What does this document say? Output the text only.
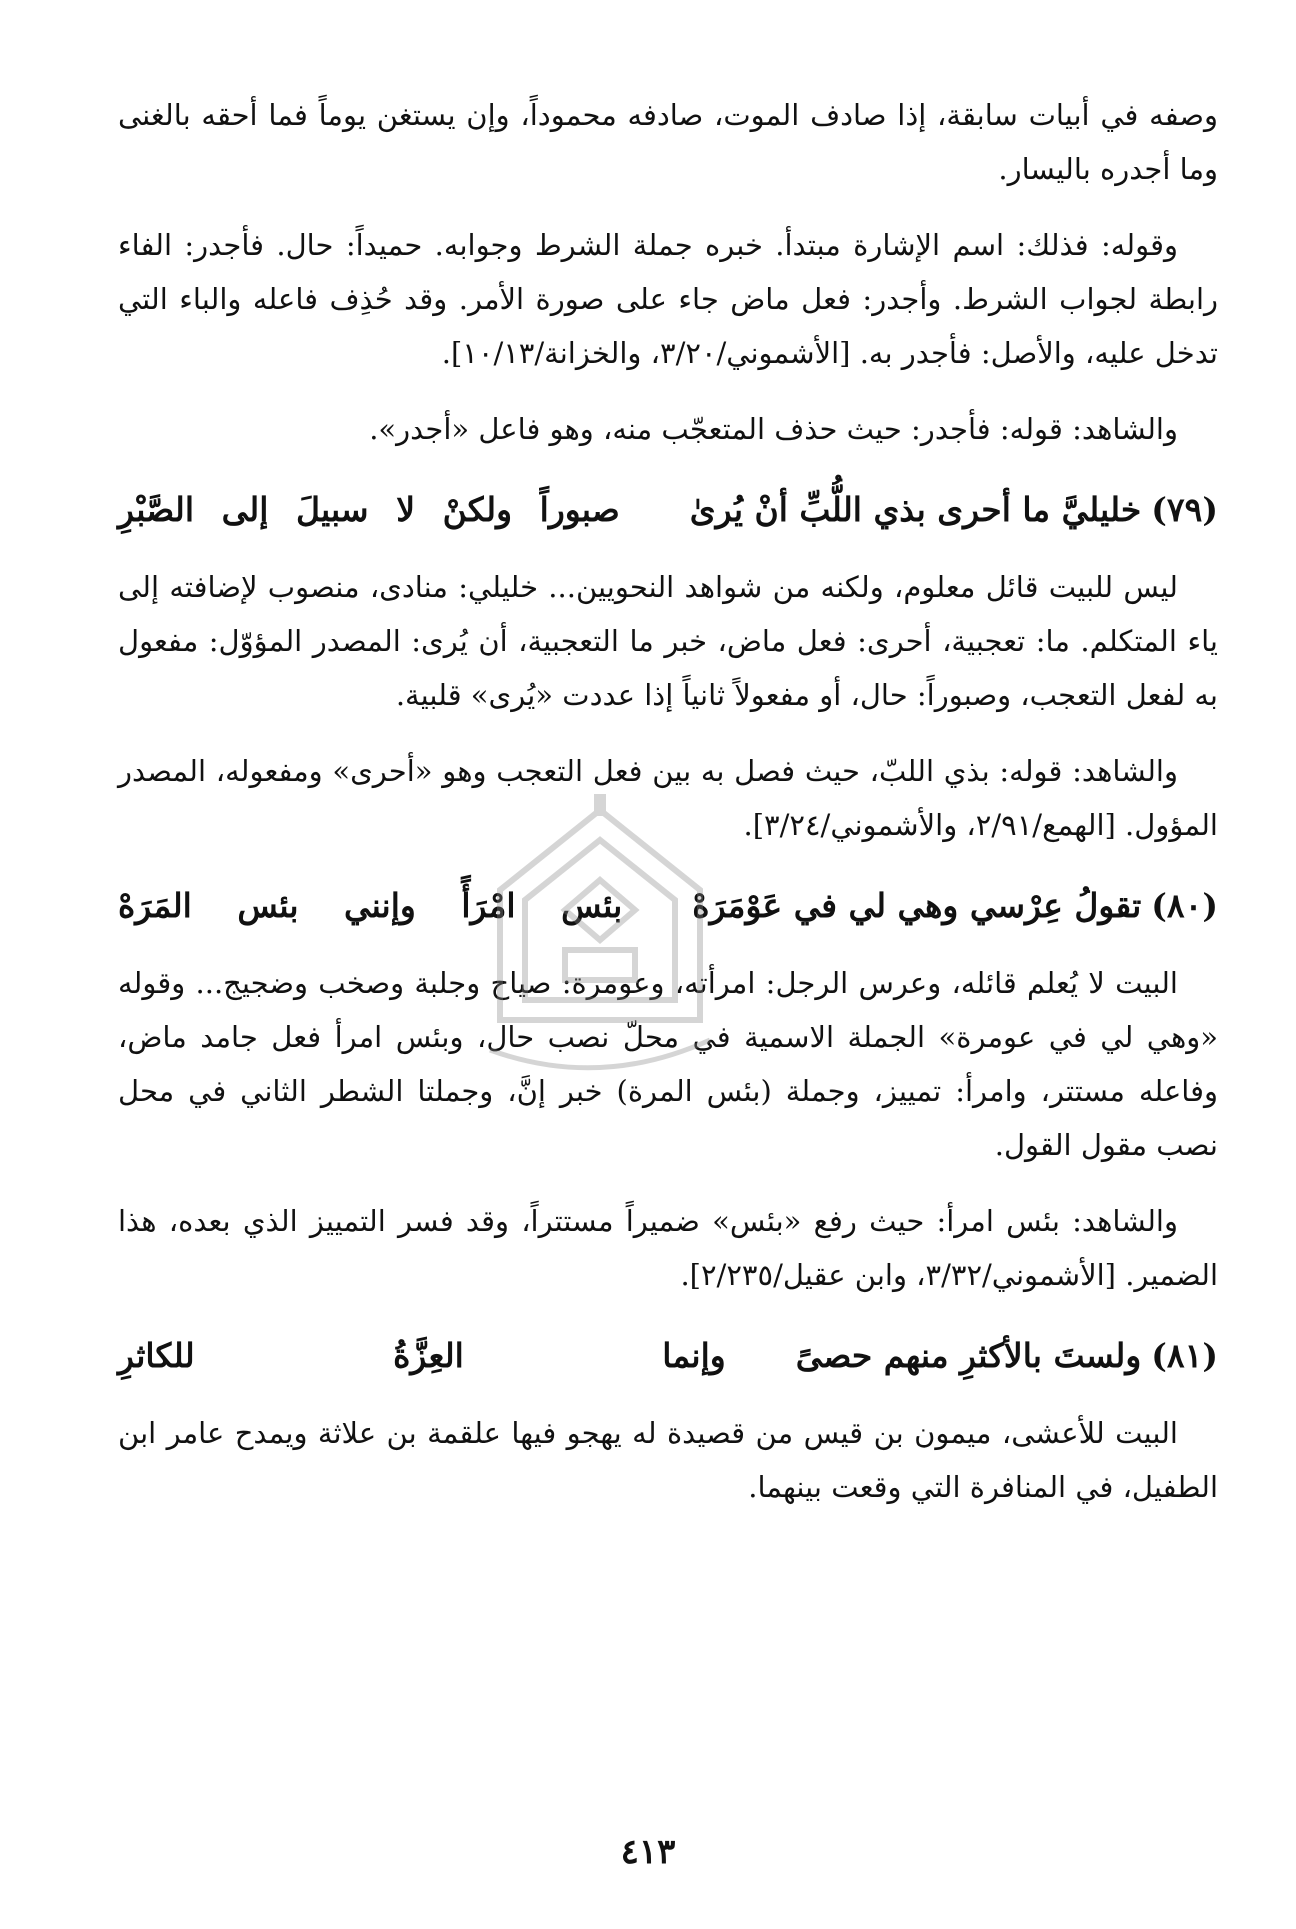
وصفه في أبيات سابقة، إذا صادف الموت، صادفه محموداً، وإن يستغن يوماً فما أحقه بالغنى وما أجدره باليسار.

وقوله: فذلك: اسم الإشارة مبتدأ. خبره جملة الشرط وجوابه. حميداً: حال. فأجدر: الفاء رابطة لجواب الشرط. وأجدر: فعل ماض جاء على صورة الأمر. وقد حُذِف فاعله والباء التي تدخل عليه، والأصل: فأجدر به. [الأشموني/٣/٢٠، والخزانة/١٠/١٣].

والشاهد: قوله: فأجدر: حيث حذف المتعجّب منه، وهو فاعل «أجدر».

(٧٩)
خليليَّ ما أحرى بذي اللُّبِّ أنْ يُرىٰ
صبوراً ولكنْ لا سبيلَ إلى الصَّبْرِ

ليس للبيت قائل معلوم، ولكنه من شواهد النحويين... خليلي: منادى، منصوب لإضافته إلى ياء المتكلم. ما: تعجبية، أحرى: فعل ماض، خبر ما التعجبية، أن يُرى: المصدر المؤوّل: مفعول به لفعل التعجب، وصبوراً: حال، أو مفعولاً ثانياً إذا عددت «يُرى» قلبية.

والشاهد: قوله: بذي اللبّ، حيث فصل به بين فعل التعجب وهو «أحرى» ومفعوله، المصدر المؤول. [الهمع/٢/٩١، والأشموني/٣/٢٤].

(٨٠)
تقولُ عِرْسي وهي لي في عَوْمَرَهْ
بئس امْرَأً وإنني بئس المَرَهْ

البيت لا يُعلم قائله، وعرس الرجل: امرأته، وعومرة: صياح وجلبة وصخب وضجيج... وقوله «وهي لي في عومرة» الجملة الاسمية في محلّ نصب حال، وبئس امرأ فعل جامد ماض، وفاعله مستتر، وامرأ: تمييز، وجملة (بئس المرة) خبر إنَّ، وجملتا الشطر الثاني في محل نصب مقول القول.

والشاهد: بئس امرأ: حيث رفع «بئس» ضميراً مستتراً، وقد فسر التمييز الذي بعده، هذا الضمير. [الأشموني/٣/٣٢، وابن عقيل/٢/٢٣٥].

(٨١)
ولستَ بالأكثرِ منهم حصىً
وإنما العِزَّةُ للكاثرِ

البيت للأعشى، ميمون بن قيس من قصيدة له يهجو فيها علقمة بن علاثة ويمدح عامر ابن الطفيل، في المنافرة التي وقعت بينهما.

٤١٣
